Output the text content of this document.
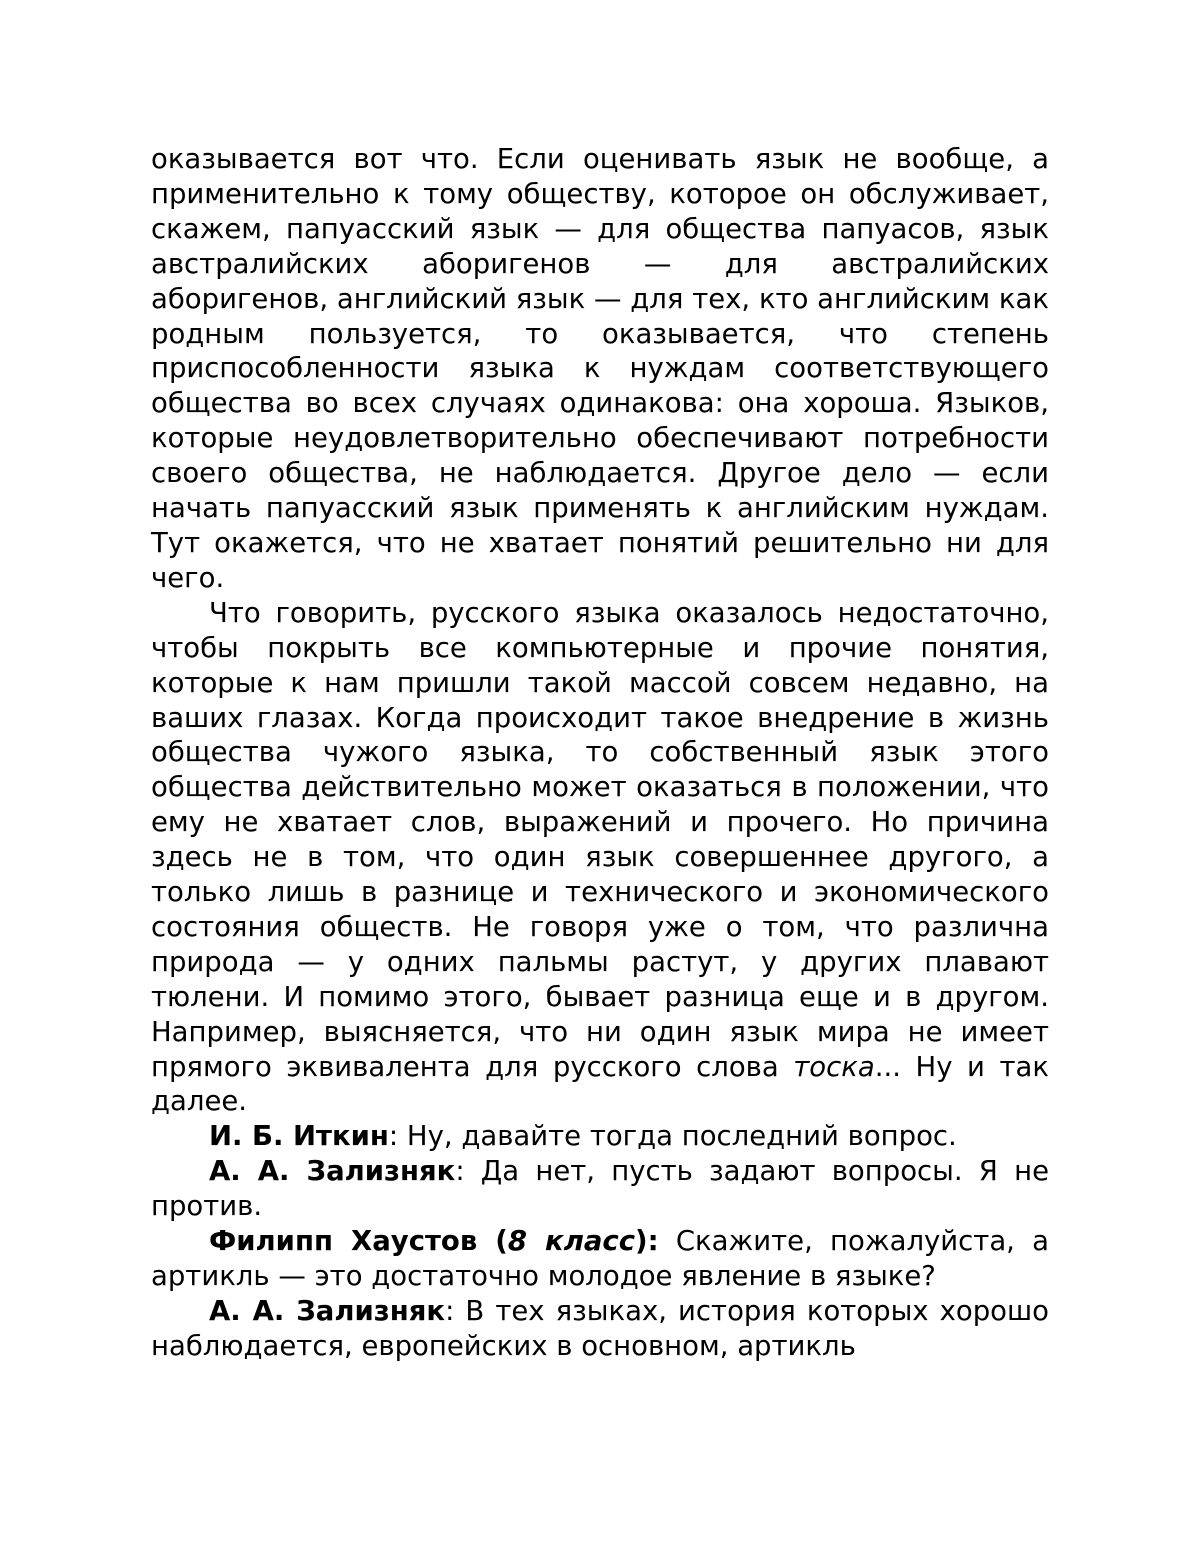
оказывается вот что. Если оценивать язык не вообще, а применительно к тому обществу, которое он обслуживает, скажем, папуасский язык — для общества папуасов, язык австралийских аборигенов — для австралийских аборигенов, английский язык — для тех, кто английским как родным пользуется, то оказывается, что степень приспособленности языка к нуждам соответствующего общества во всех случаях одинакова: она хороша. Языков, которые неудовлетворительно обеспечивают потребности своего общества, не наблюдается. Другое дело — если начать папуасский язык применять к английским нуждам. Тут окажется, что не хватает понятий решительно ни для чего.

Что говорить, русского языка оказалось недостаточно, чтобы покрыть все компьютерные и прочие понятия, которые к нам пришли такой массой совсем недавно, на ваших глазах. Когда происходит такое внедрение в жизнь общества чужого языка, то собственный язык этого общества действительно может оказаться в положении, что ему не хватает слов, выражений и прочего. Но причина здесь не в том, что один язык совершеннее другого, а только лишь в разнице и технического и экономического состояния обществ. Не говоря уже о том, что различна природа — у одних пальмы растут, у других плавают тюлени. И помимо этого, бывает разница еще и в другом. Например, выясняется, что ни один язык мира не имеет прямого эквивалента для русского слова тоска... Ну и так далее.

И. Б. Иткин: Ну, давайте тогда последний вопрос.

А. А. Зализняк: Да нет, пусть задают вопросы. Я не против.

Филипп Хаустов (8 класс): Скажите, пожалуйста, а артикль — это достаточно молодое явление в языке?

А. А. Зализняк: В тех языках, история которых хорошо наблюдается, европейских в основном, артикль
